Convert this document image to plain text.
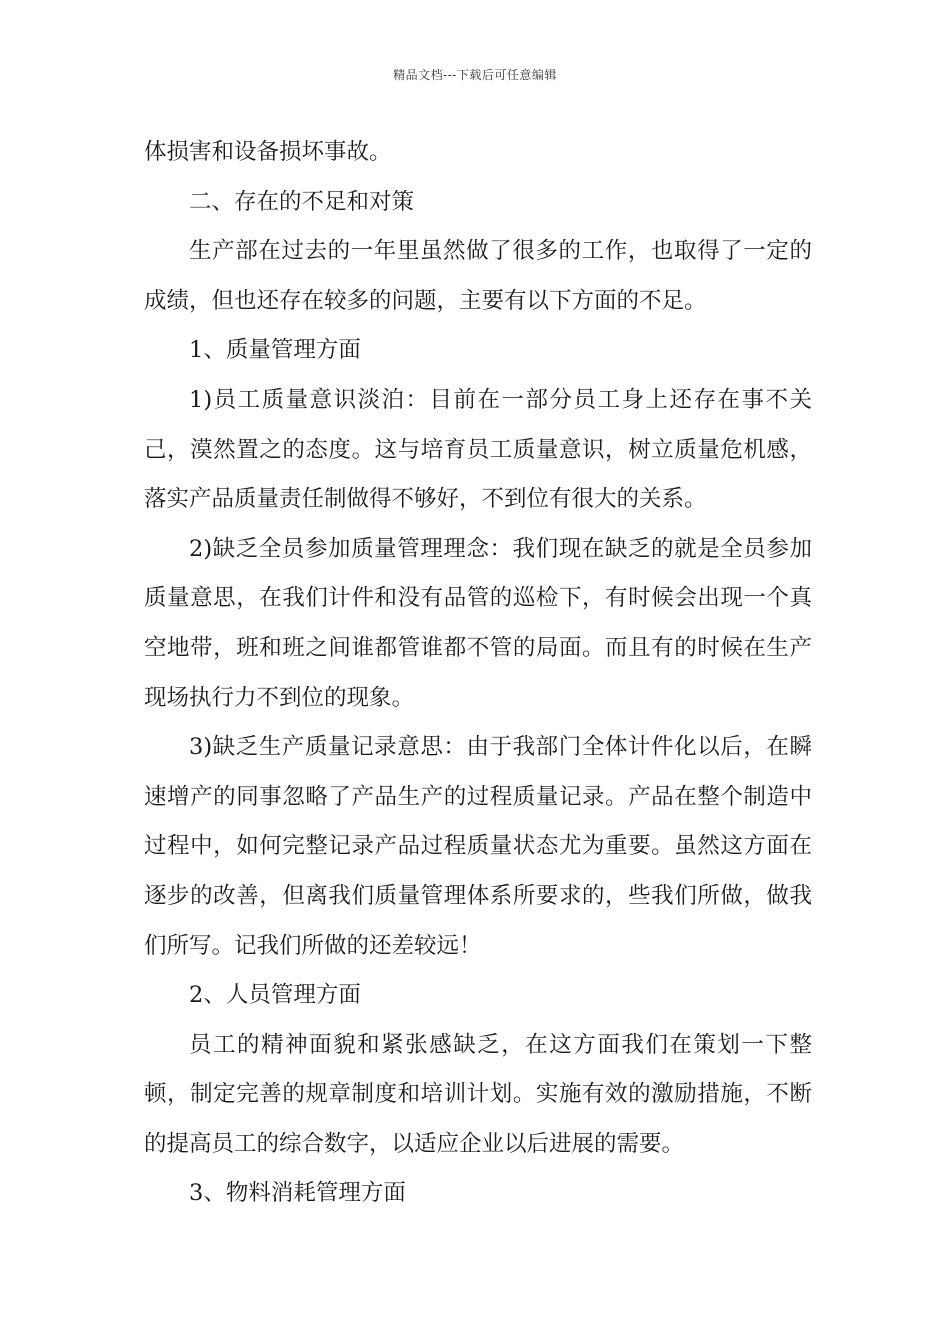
精品文档---下载后可任意编辑

体损害和设备损坏事故。

二、存在的不足和对策

生产部在过去的一年里虽然做了很多的工作，也取得了一定的成绩，但也还存在较多的问题，主要有以下方面的不足。

1、质量管理方面

1)员工质量意识淡泊：目前在一部分员工身上还存在事不关己，漠然置之的态度。这与培育员工质量意识，树立质量危机感，落实产品质量责任制做得不够好，不到位有很大的关系。

2)缺乏全员参加质量管理理念：我们现在缺乏的就是全员参加质量意思，在我们计件和没有品管的巡检下，有时候会出现一个真空地带，班和班之间谁都管谁都不管的局面。而且有的时候在生产现场执行力不到位的现象。

3)缺乏生产质量记录意思：由于我部门全体计件化以后，在瞬速增产的同事忽略了产品生产的过程质量记录。产品在整个制造中过程中，如何完整记录产品过程质量状态尤为重要。虽然这方面在逐步的改善，但离我们质量管理体系所要求的，些我们所做，做我们所写。记我们所做的还差较远！

2、人员管理方面

员工的精神面貌和紧张感缺乏，在这方面我们在策划一下整顿，制定完善的规章制度和培训计划。实施有效的激励措施，不断的提高员工的综合数字，以适应企业以后进展的需要。

3、物料消耗管理方面
